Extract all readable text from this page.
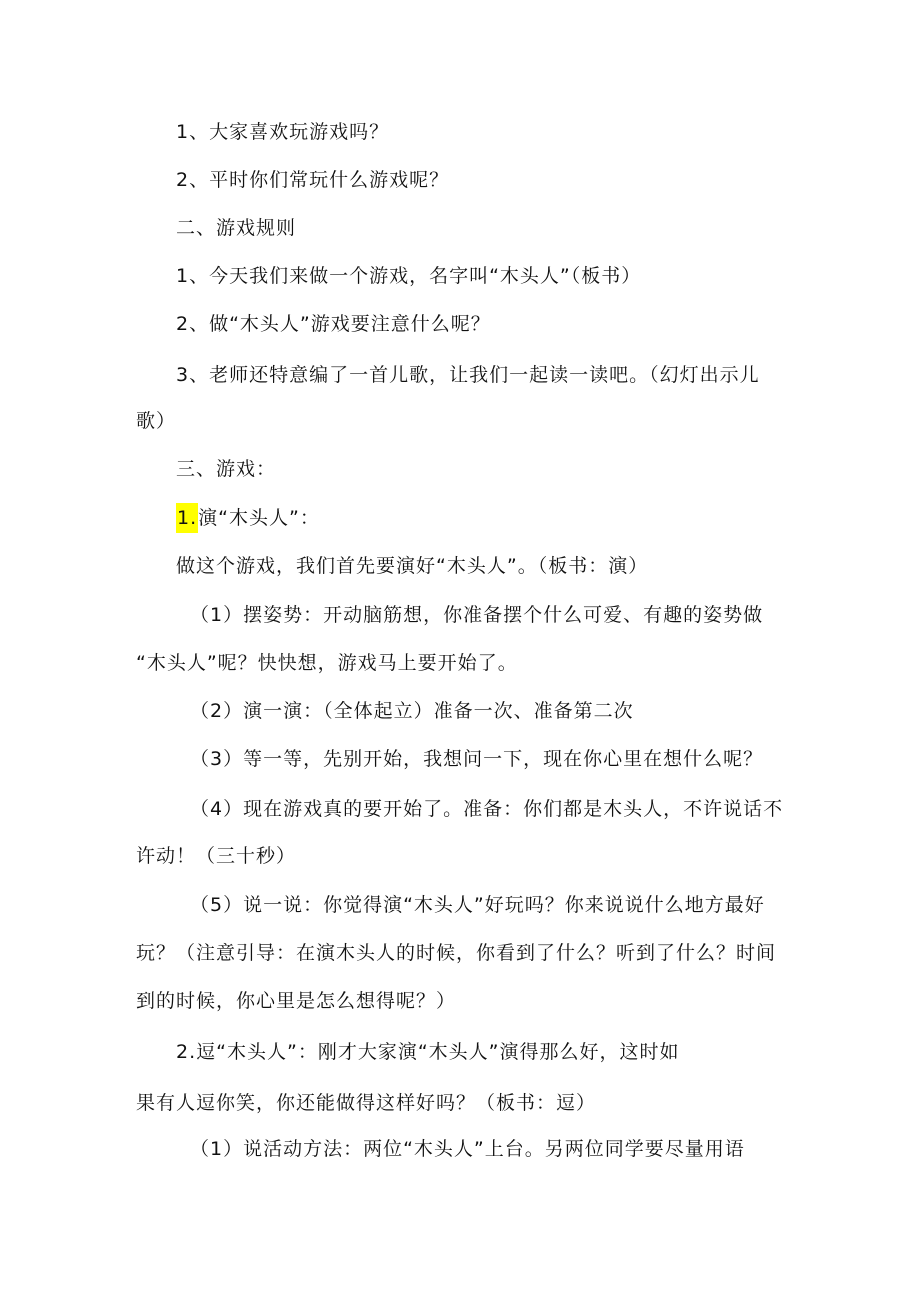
1、大家喜欢玩游戏吗？
2、平时你们常玩什么游戏呢？
二、游戏规则
1、今天我们来做一个游戏，名字叫“木头人”（板书）
2、做“木头人”游戏要注意什么呢？
3、老师还特意编了一首儿歌，让我们一起读一读吧。（幻灯出示儿
歌）
三、游戏：
1.演“木头人”：
做这个游戏，我们首先要演好“木头人”。（板书：演）
（1）摆姿势：开动脑筋想，你准备摆个什么可爱、有趣的姿势做
“木头人”呢？快快想，游戏马上要开始了。
（2）演一演：（全体起立）准备一次、准备第二次
（3）等一等，先别开始，我想问一下，现在你心里在想什么呢？
（4）现在游戏真的要开始了。准备：你们都是木头人，不许说话不
许动！（三十秒）
（5）说一说：你觉得演“木头人”好玩吗？你来说说什么地方最好
玩？（注意引导：在演木头人的时候，你看到了什么？听到了什么？时间
到的时候，你心里是怎么想得呢？）
2.逗“木头人”：刚才大家演“木头人”演得那么好，这时如
果有人逗你笑，你还能做得这样好吗？（板书：逗）
（1）说活动方法：两位“木头人”上台。另两位同学要尽量用语
